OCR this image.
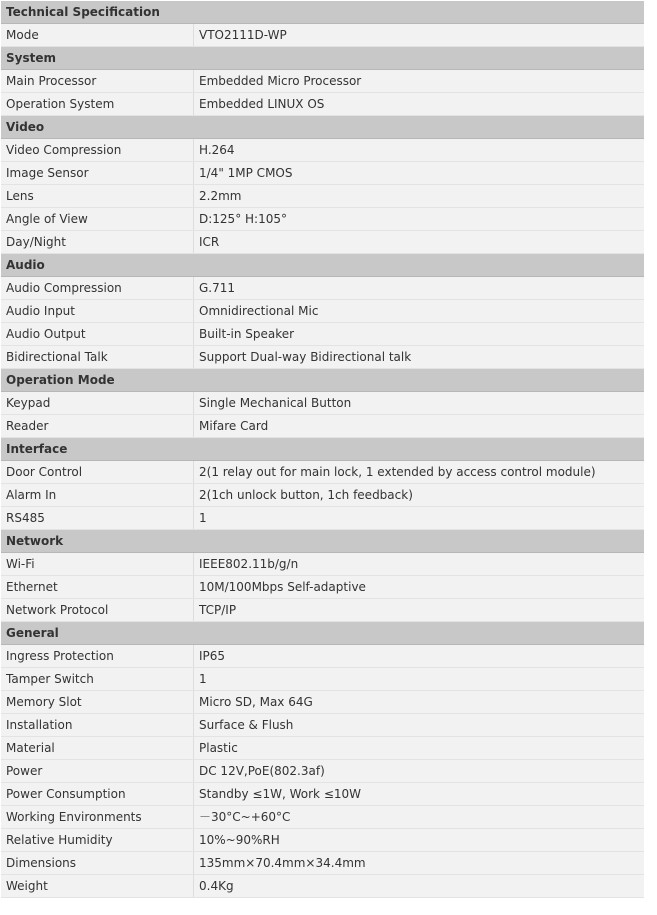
Technical Specification
Mode	VTO2111D-WP
System
Main Processor	Embedded Micro Processor
Operation System	Embedded LINUX OS
Video
Video Compression	H.264
Image Sensor	1/4" 1MP CMOS
Lens	2.2mm
Angle of View	D:125° H:105°
Day/Night	ICR
Audio
Audio Compression	G.711
Audio Input	Omnidirectional Mic
Audio Output	Built-in Speaker
Bidirectional Talk	Support Dual-way Bidirectional talk
Operation Mode
Keypad	Single Mechanical Button
Reader	Mifare Card
Interface
Door Control	2(1 relay out for main lock, 1 extended by access control module)
Alarm In	2(1ch unlock button, 1ch feedback)
RS485	1
Network
Wi-Fi	IEEE802.11b/g/n
Ethernet	10M/100Mbps Self-adaptive
Network Protocol	TCP/IP
General
Ingress Protection	IP65
Tamper Switch	1
Memory Slot	Micro SD, Max 64G
Installation	Surface & Flush
Material	Plastic
Power	DC 12V,PoE(802.3af)
Power Consumption	Standby ≤1W, Work ≤10W
Working Environments	－30°C~+60°C
Relative Humidity	10%~90%RH
Dimensions	135mm×70.4mm×34.4mm
Weight	0.4Kg
